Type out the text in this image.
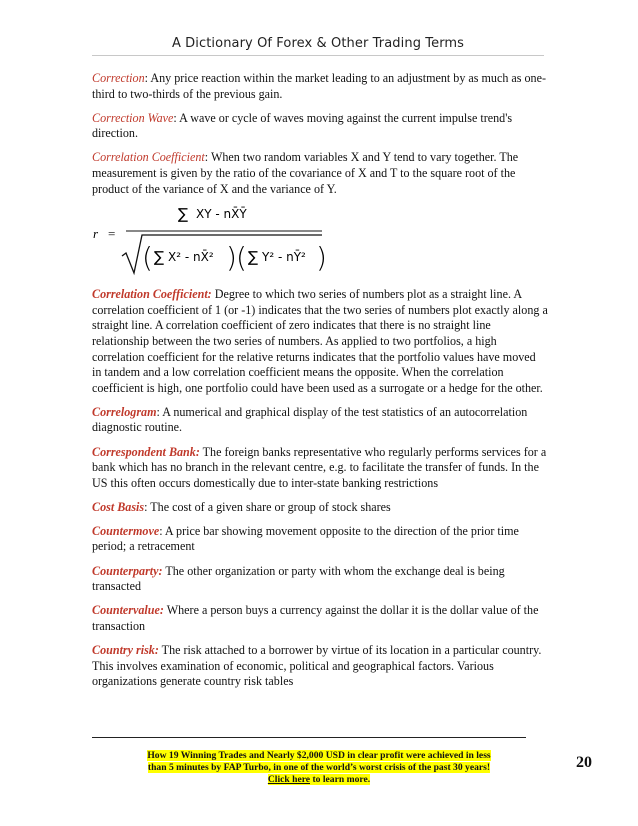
A Dictionary Of Forex & Other Trading Terms

Correction: Any price reaction within the market leading to an adjustment by as much as one-third to two-thirds of the previous gain.

Correction Wave: A wave or cycle of waves moving against the current impulse trend's direction.

Correlation Coefficient: When two random variables X and Y tend to vary together. The measurement is given by the ratio of the covariance of X and T to the square root of the product of the variance of X and the variance of Y.

r =
∑ XY - nX̄Ȳ
( ∑ X² - nX̄² ) ( ∑ Y² - nȲ² )

Correlation Coefficient: Degree to which two series of numbers plot as a straight line. A correlation coefficient of 1 (or -1) indicates that the two series of numbers plot exactly along a straight line. A correlation coefficient of zero indicates that there is no straight line relationship between the two series of numbers. As applied to two portfolios, a high correlation coefficient for the relative returns indicates that the portfolio values have moved in tandem and a low correlation coefficient means the opposite. When the correlation coefficient is high, one portfolio could have been used as a surrogate or a hedge for the other.

Correlogram: A numerical and graphical display of the test statistics of an autocorrelation diagnostic routine.

Correspondent Bank: The foreign banks representative who regularly performs services for a bank which has no branch in the relevant centre, e.g. to facilitate the transfer of funds. In the US this often occurs domestically due to inter-state banking restrictions

Cost Basis: The cost of a given share or group of stock shares

Countermove: A price bar showing movement opposite to the direction of the prior time period; a retracement

Counterparty: The other organization or party with whom the exchange deal is being transacted

Countervalue: Where a person buys a currency against the dollar it is the dollar value of the transaction

Country risk: The risk attached to a borrower by virtue of its location in a particular country. This involves examination of economic, political and geographical factors. Various organizations generate country risk tables

How 19 Winning Trades and Nearly $2,000 USD in clear profit were achieved in less
than 5 minutes by FAP Turbo, in one of the world’s worst crisis of the past 30 years!
Click here to learn more.
20
